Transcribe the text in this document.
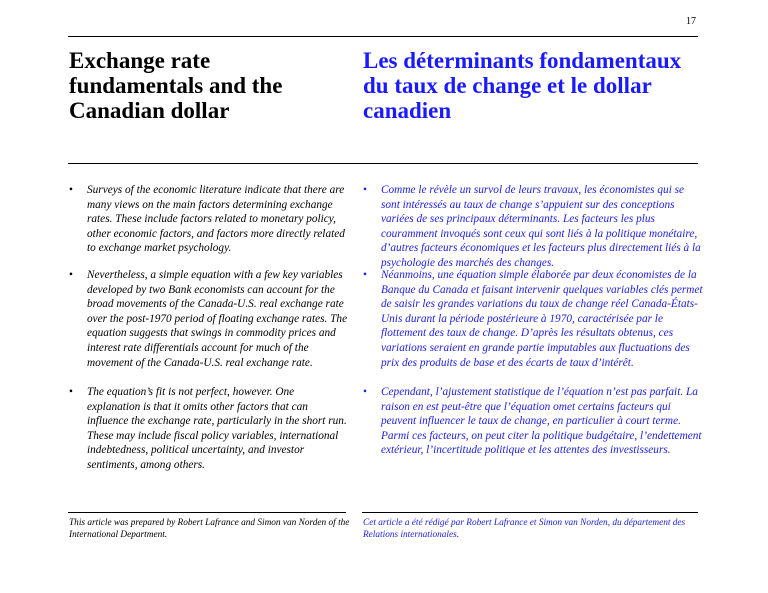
17
Exchange rate fundamentals and the Canadian dollar
Les déterminants fondamentaux du taux de change et le dollar canadien
• Surveys of the economic literature indicate that there are many views on the main factors determining exchange rates. These include factors related to monetary policy, other economic factors, and factors more directly related to exchange market psychology.
• Nevertheless, a simple equation with a few key variables developed by two Bank economists can account for the broad movements of the Canada-U.S. real exchange rate over the post-1970 period of floating exchange rates. The equation suggests that swings in commodity prices and interest rate differentials account for much of the movement of the Canada-U.S. real exchange rate.
• The equation’s fit is not perfect, however. One explanation is that it omits other factors that can influence the exchange rate, particularly in the short run. These may include fiscal policy variables, international indebtedness, political uncertainty, and investor sentiments, among others.
• Comme le révèle un survol de leurs travaux, les économistes qui se sont intéressés au taux de change s’appuient sur des conceptions variées de ses principaux déterminants. Les facteurs les plus couramment invoqués sont ceux qui sont liés à la politique monétaire, d’autres facteurs économiques et les facteurs plus directement liés à la psychologie des marchés des changes.
• Néanmoins, une équation simple élaborée par deux économistes de la Banque du Canada et faisant intervenir quelques variables clés permet de saisir les grandes variations du taux de change réel Canada-États-Unis durant la période postérieure à 1970, caractérisée par le flottement des taux de change. D’après les résultats obtenus, ces variations seraient en grande partie imputables aux fluctuations des prix des produits de base et des écarts de taux d’intérêt.
• Cependant, l’ajustement statistique de l’équation n’est pas parfait. La raison en est peut-être que l’équation omet certains facteurs qui peuvent influencer le taux de change, en particulier à court terme. Parmi ces facteurs, on peut citer la politique budgétaire, l’endettement extérieur, l’incertitude politique et les attentes des investisseurs.
This article was prepared by Robert Lafrance and Simon van Norden of the International Department.
Cet article a été rédigé par Robert Lafrance et Simon van Norden, du département des Relations internationales.
